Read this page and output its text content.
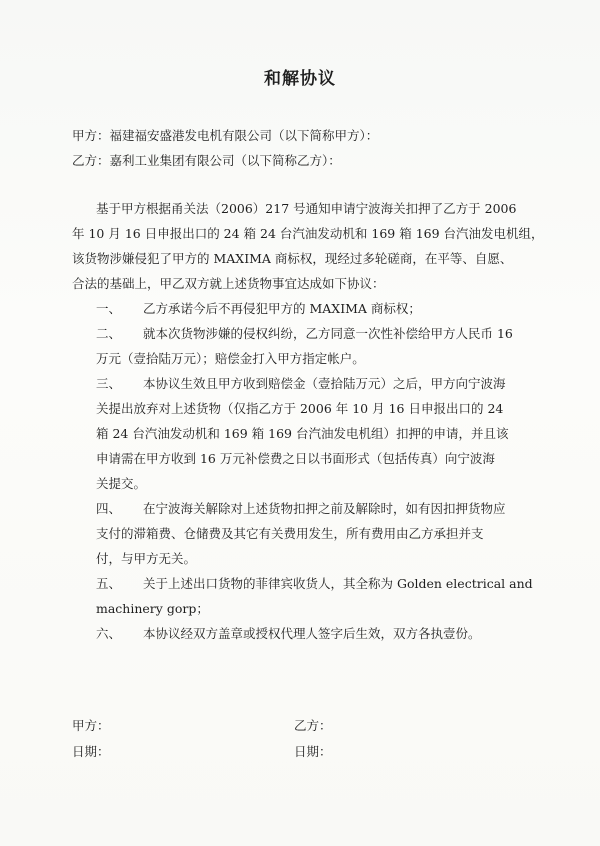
和解协议
甲方：福建福安盛港发电机有限公司（以下简称甲方）：
乙方：嘉利工业集团有限公司（以下简称乙方）：
基于甲方根据甬关法（2006）217 号通知申请宁波海关扣押了乙方于 2006
年 10 月 16 日申报出口的 24 箱 24 台汽油发动机和 169 箱 169 台汽油发电机组，
该货物涉嫌侵犯了甲方的 MAXIMA 商标权，现经过多轮磋商，在平等、自愿、
合法的基础上，甲乙双方就上述货物事宜达成如下协议：
一、 乙方承诺今后不再侵犯甲方的 MAXIMA 商标权；
二、 就本次货物涉嫌的侵权纠纷，乙方同意一次性补偿给甲方人民币 16
万元（壹拾陆万元）；赔偿金打入甲方指定帐户。
三、 本协议生效且甲方收到赔偿金（壹拾陆万元）之后，甲方向宁波海
关提出放弃对上述货物（仅指乙方于 2006 年 10 月 16 日申报出口的 24
箱 24 台汽油发动机和 169 箱 169 台汽油发电机组）扣押的申请，并且该
申请需在甲方收到 16 万元补偿费之日以书面形式（包括传真）向宁波海
关提交。
四、 在宁波海关解除对上述货物扣押之前及解除时，如有因扣押货物应
支付的滞箱费、仓储费及其它有关费用发生，所有费用由乙方承担并支
付，与甲方无关。
五、 关于上述出口货物的菲律宾收货人，其全称为 Golden electrical and
machinery gorp；
六、 本协议经双方盖章或授权代理人签字后生效，双方各执壹份。
甲方：	乙方：
日期：	日期：
